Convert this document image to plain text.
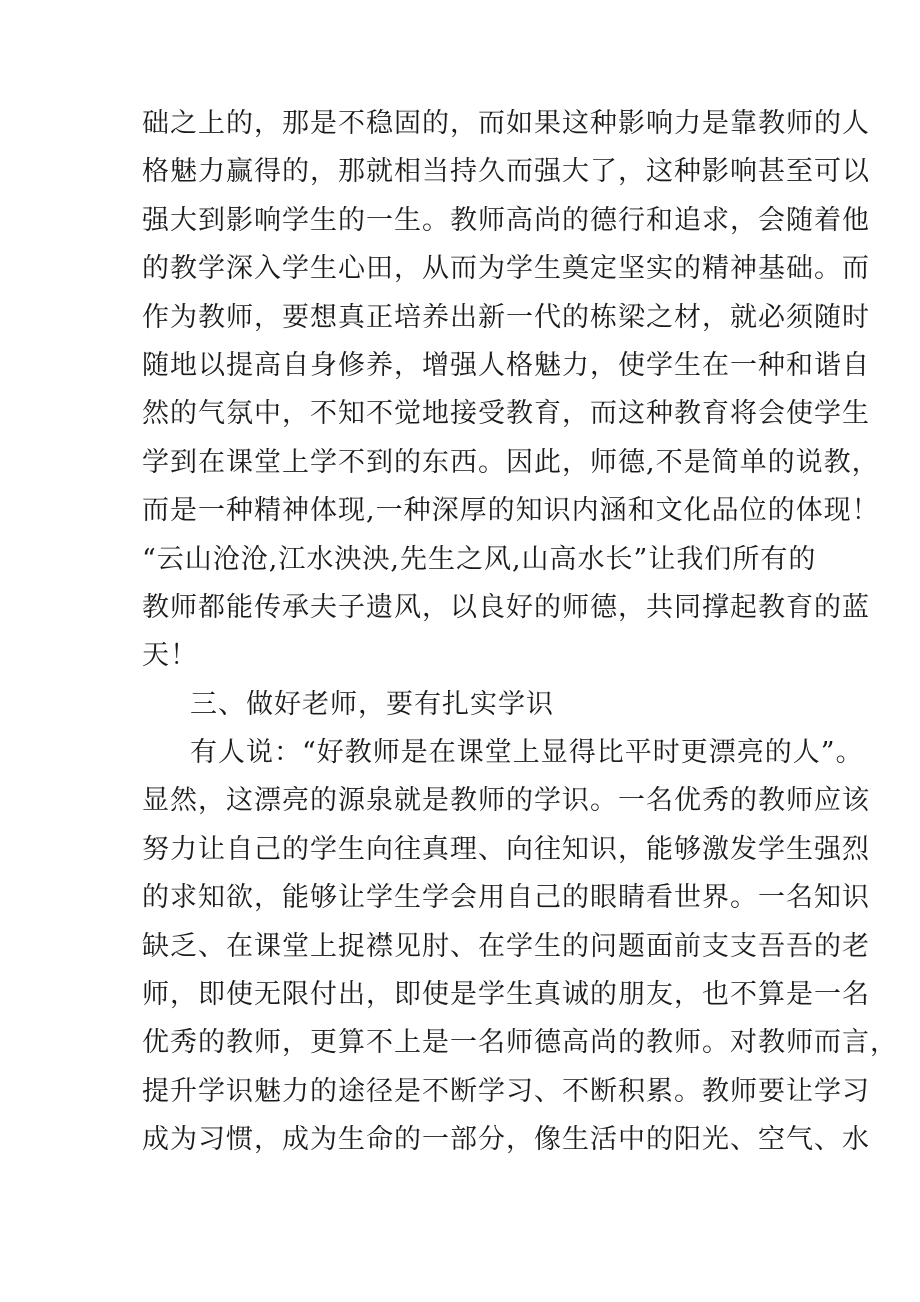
础之上的，那是不稳固的，而如果这种影响力是靠教师的人
格魅力赢得的，那就相当持久而强大了，这种影响甚至可以
强大到影响学生的一生。教师高尚的德行和追求，会随着他
的教学深入学生心田，从而为学生奠定坚实的精神基础。而
作为教师，要想真正培养出新一代的栋梁之材，就必须随时
随地以提高自身修养，增强人格魅力，使学生在一种和谐自
然的气氛中，不知不觉地接受教育，而这种教育将会使学生
学到在课堂上学不到的东西。因此，师德,不是简单的说教，
而是一种精神体现,一种深厚的知识内涵和文化品位的体现！
“云山沧沧,江水泱泱,先生之风,山高水长”让我们所有的
教师都能传承夫子遗风，以良好的师德，共同撑起教育的蓝
天！
三、做好老师，要有扎实学识
有人说：“好教师是在课堂上显得比平时更漂亮的人”。
显然，这漂亮的源泉就是教师的学识。一名优秀的教师应该
努力让自己的学生向往真理、向往知识，能够激发学生强烈
的求知欲，能够让学生学会用自己的眼睛看世界。一名知识
缺乏、在课堂上捉襟见肘、在学生的问题面前支支吾吾的老
师，即使无限付出，即使是学生真诚的朋友，也不算是一名
优秀的教师，更算不上是一名师德高尚的教师。对教师而言，
提升学识魅力的途径是不断学习、不断积累。教师要让学习
成为习惯，成为生命的一部分，像生活中的阳光、空气、水
